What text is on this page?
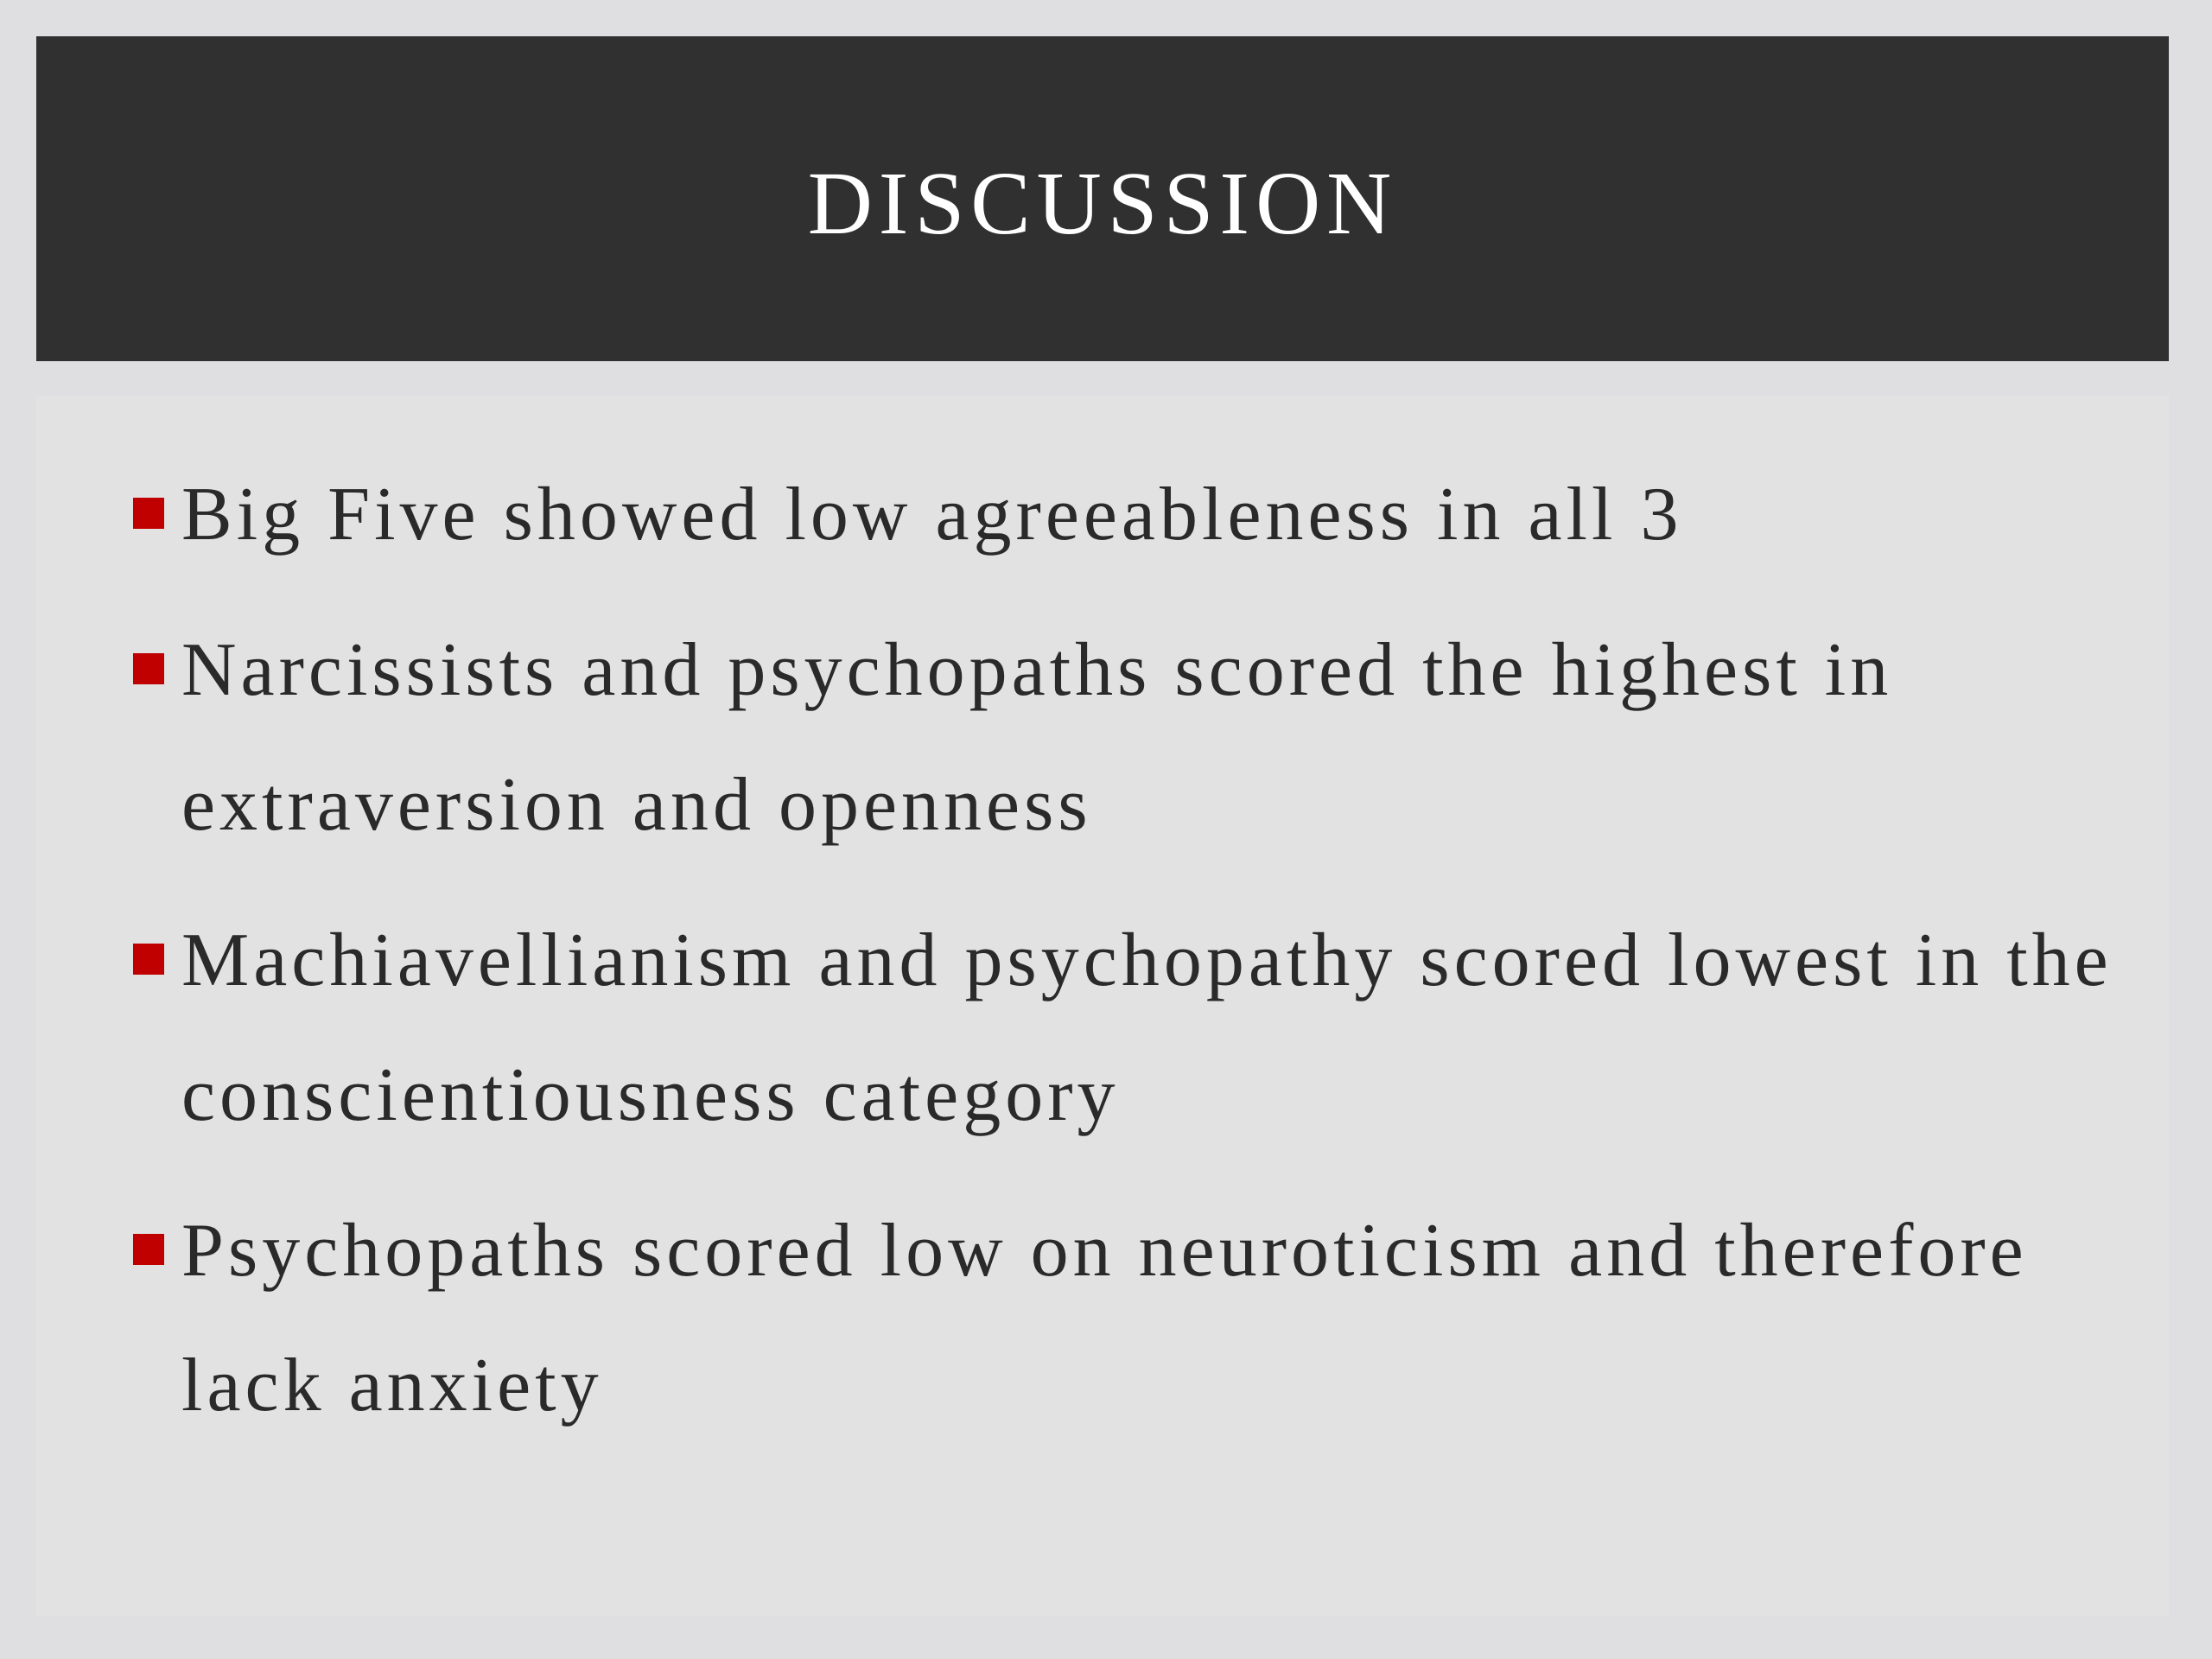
DISCUSSION
Big Five showed low agreeableness in all 3
Narcissists and psychopaths scored the highest in extraversion and openness
Machiavellianism and psychopathy scored lowest in the conscientiousness category
Psychopaths scored low on neuroticism and therefore lack anxiety
